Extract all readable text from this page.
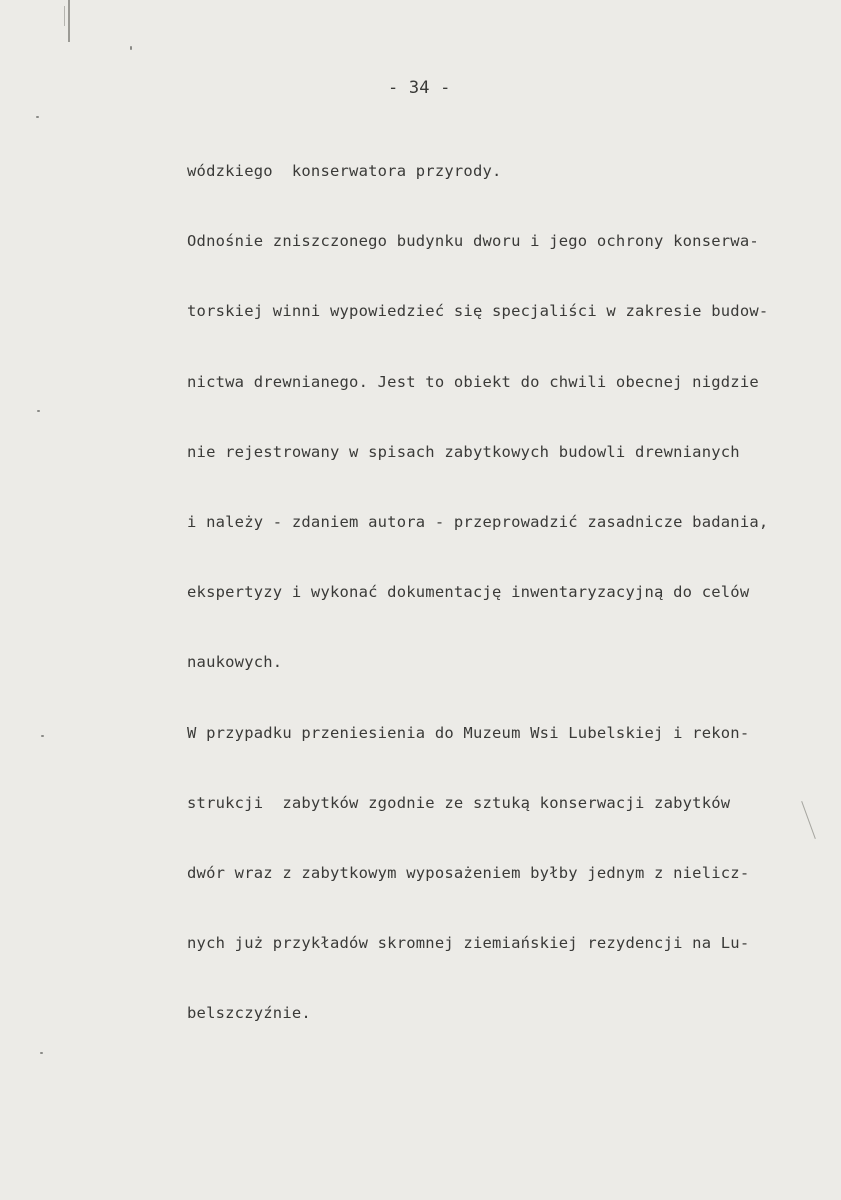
- 34 -

wódzkiego  konserwatora przyrody.

Odnośnie zniszczonego budynku dworu i jego ochrony konserwa-

torskiej winni wypowiedzieć się specjaliści w zakresie budow-

nictwa drewnianego. Jest to obiekt do chwili obecnej nigdzie

nie rejestrowany w spisach zabytkowych budowli drewnianych

i należy - zdaniem autora - przeprowadzić zasadnicze badania,

ekspertyzy i wykonać dokumentację inwentaryzacyjną do celów

naukowych.

W przypadku przeniesienia do Muzeum Wsi Lubelskiej i rekon-

strukcji  zabytków zgodnie ze sztuką konserwacji zabytków

dwór wraz z zabytkowym wyposażeniem byłby jednym z nielicz-

nych już przykładów skromnej ziemiańskiej rezydencji na Lu-

belszczyźnie.
